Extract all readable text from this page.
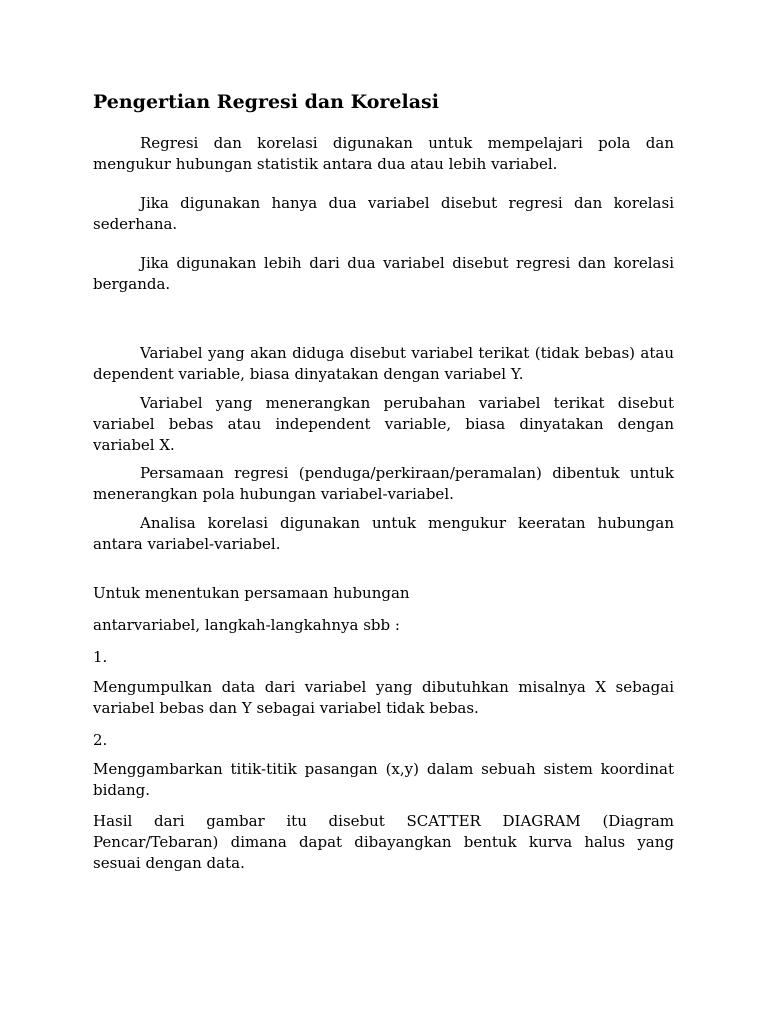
Pengertian Regresi dan Korelasi

Regresi dan korelasi digunakan untuk mempelajari pola dan mengukur hubungan statistik antara dua atau lebih variabel.

Jika digunakan hanya dua variabel disebut regresi dan korelasi sederhana.

Jika digunakan lebih dari dua variabel disebut regresi dan korelasi berganda.

Variabel yang akan diduga disebut variabel terikat (tidak bebas) atau dependent variable, biasa dinyatakan dengan variabel Y.

Variabel yang menerangkan perubahan variabel terikat disebut variabel bebas atau independent variable, biasa dinyatakan dengan variabel X.

Persamaan regresi (penduga/perkiraan/peramalan) dibentuk untuk menerangkan pola hubungan variabel-variabel.

Analisa korelasi digunakan untuk mengukur keeratan hubungan antara variabel-variabel.

Untuk menentukan persamaan hubungan

antarvariabel, langkah-langkahnya sbb :

1.

Mengumpulkan data dari variabel yang dibutuhkan misalnya X sebagai variabel bebas dan Y sebagai variabel tidak bebas.

2.

Menggambarkan titik-titik pasangan (x,y) dalam sebuah sistem koordinat bidang.

Hasil dari gambar itu disebut SCATTER DIAGRAM (Diagram Pencar/Tebaran) dimana dapat dibayangkan bentuk kurva halus yang sesuai dengan data.
